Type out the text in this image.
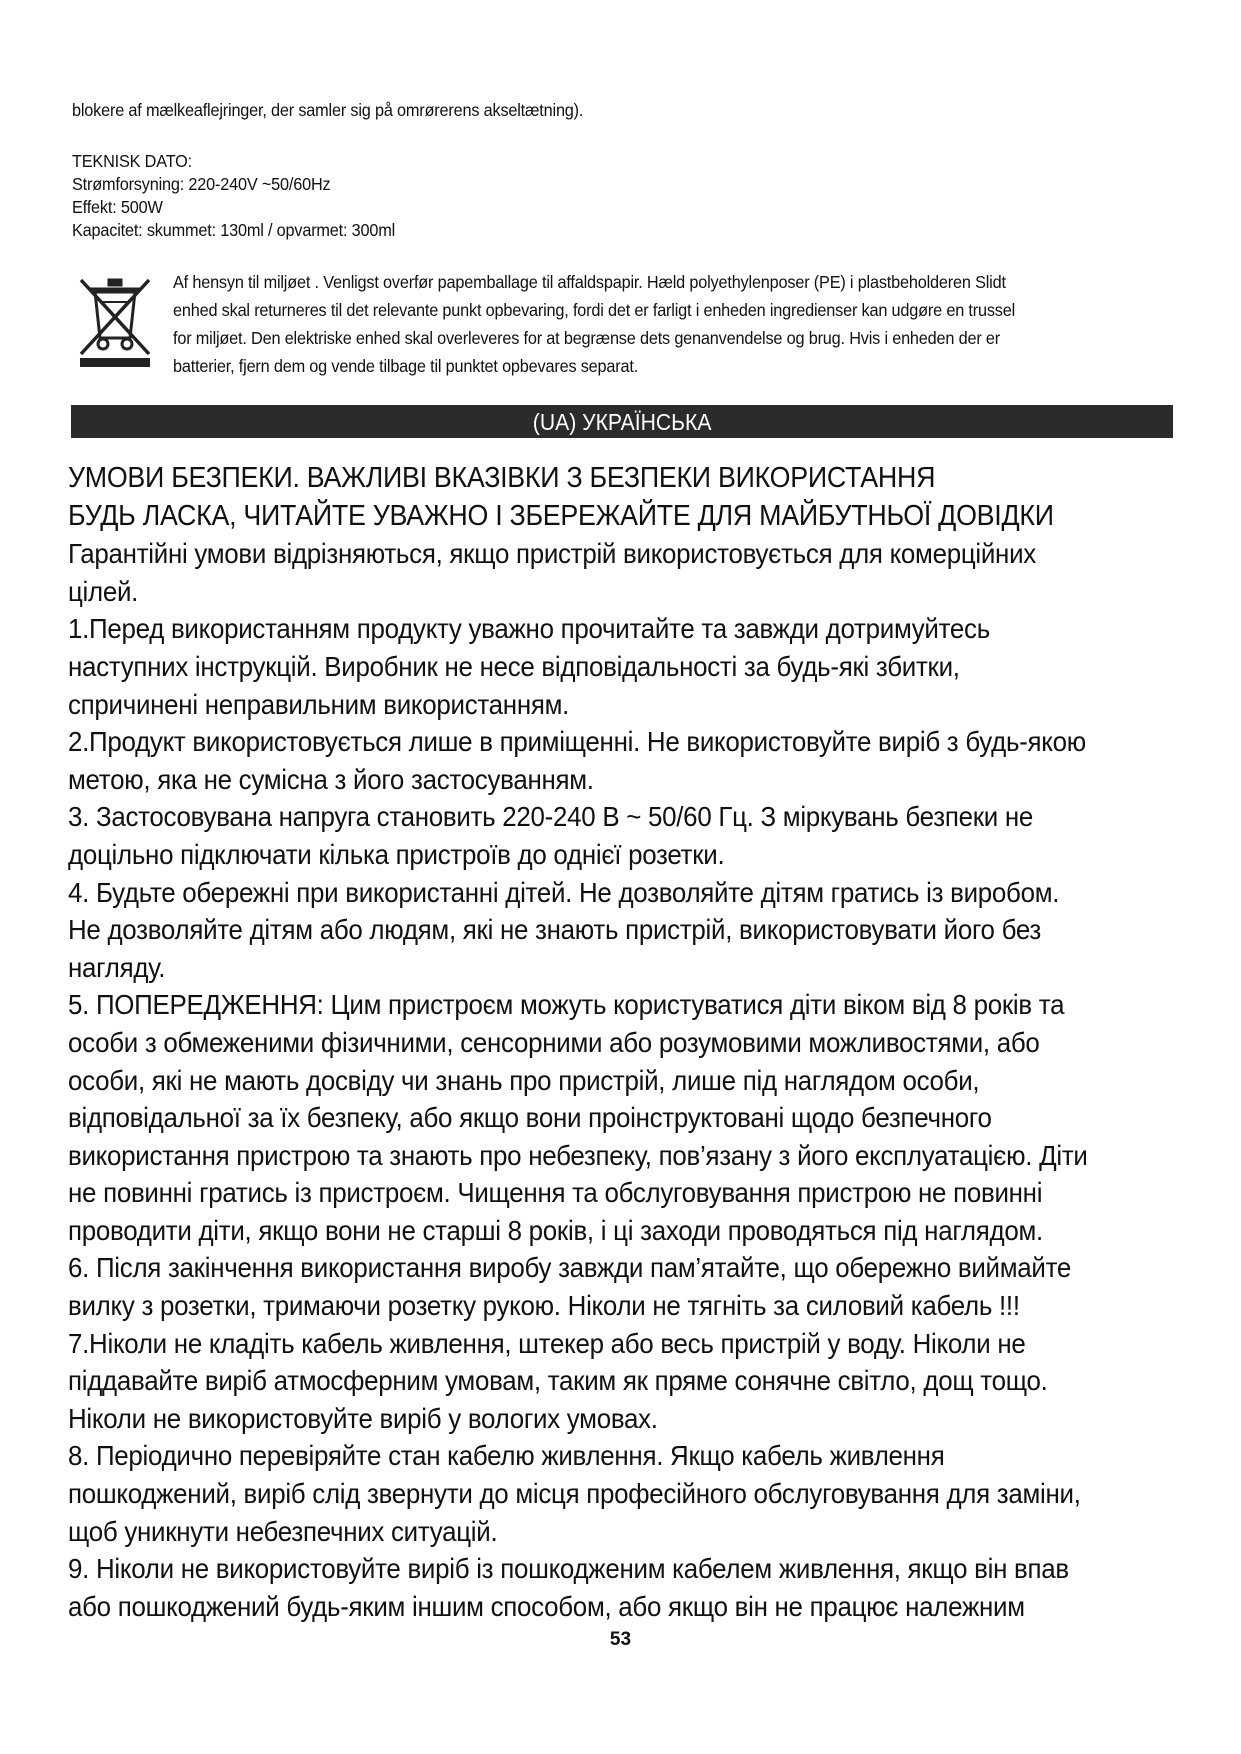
blokere af mælkeaflejringer, der samler sig på omrørerens akseltætning).
TEKNISK DATO:
Strømforsyning: 220-240V ~50/60Hz
Effekt: 500W
Kapacitet: skummet: 130ml / opvarmet: 300ml
Af hensyn til miljøet . Venligst overfør papemballage til affaldspapir. Hæld polyethylenposer (PE) i plastbeholderen Slidt
enhed skal returneres til det relevante punkt opbevaring, fordi det er farligt i enheden ingredienser kan udgøre en trussel
for miljøet. Den elektriske enhed skal overleveres for at begrænse dets genanvendelse og brug. Hvis i enheden der er
batterier, fjern dem og vende tilbage til punktet opbevares separat.
(UA) УКРАЇНСЬКА
УМОВИ БЕЗПЕКИ. ВАЖЛИВІ ВКАЗІВКИ З БЕЗПЕКИ ВИКОРИСТАННЯ
БУДЬ ЛАСКА, ЧИТАЙТЕ УВАЖНО І ЗБЕРЕЖАЙТЕ ДЛЯ МАЙБУТНЬОЇ ДОВІДКИ
Гарантійні умови відрізняються, якщо пристрій використовується для комерційних
цілей.
1.Перед використанням продукту уважно прочитайте та завжди дотримуйтесь
наступних інструкцій. Виробник не несе відповідальності за будь-які збитки,
спричинені неправильним використанням.
2.Продукт використовується лише в приміщенні. Не використовуйте виріб з будь-якою
метою, яка не сумісна з його застосуванням.
3. Застосовувана напруга становить 220-240 В ~ 50/60 Гц. З міркувань безпеки не
доцільно підключати кілька пристроїв до однієї розетки.
4. Будьте обережні при використанні дітей. Не дозволяйте дітям гратись із виробом.
Не дозволяйте дітям або людям, які не знають пристрій, використовувати його без
нагляду.
5. ПОПЕРЕДЖЕННЯ: Цим пристроєм можуть користуватися діти віком від 8 років та
особи з обмеженими фізичними, сенсорними або розумовими можливостями, або
особи, які не мають досвіду чи знань про пристрій, лише під наглядом особи,
відповідальної за їх безпеку, або якщо вони проінструктовані щодо безпечного
використання пристрою та знають про небезпеку, пов’язану з його експлуатацією. Діти
не повинні гратись із пристроєм. Чищення та обслуговування пристрою не повинні
проводити діти, якщо вони не старші 8 років, і ці заходи проводяться під наглядом.
6. Після закінчення використання виробу завжди пам’ятайте, що обережно виймайте
вилку з розетки, тримаючи розетку рукою. Ніколи не тягніть за силовий кабель !!!
7.Ніколи не кладіть кабель живлення, штекер або весь пристрій у воду. Ніколи не
піддавайте виріб атмосферним умовам, таким як пряме сонячне світло, дощ тощо.
Ніколи не використовуйте виріб у вологих умовах.
8. Періодично перевіряйте стан кабелю живлення. Якщо кабель живлення
пошкоджений, виріб слід звернути до місця професійного обслуговування для заміни,
щоб уникнути небезпечних ситуацій.
9. Ніколи не використовуйте виріб із пошкодженим кабелем живлення, якщо він впав
або пошкоджений будь-яким іншим способом, або якщо він не працює належним
53
